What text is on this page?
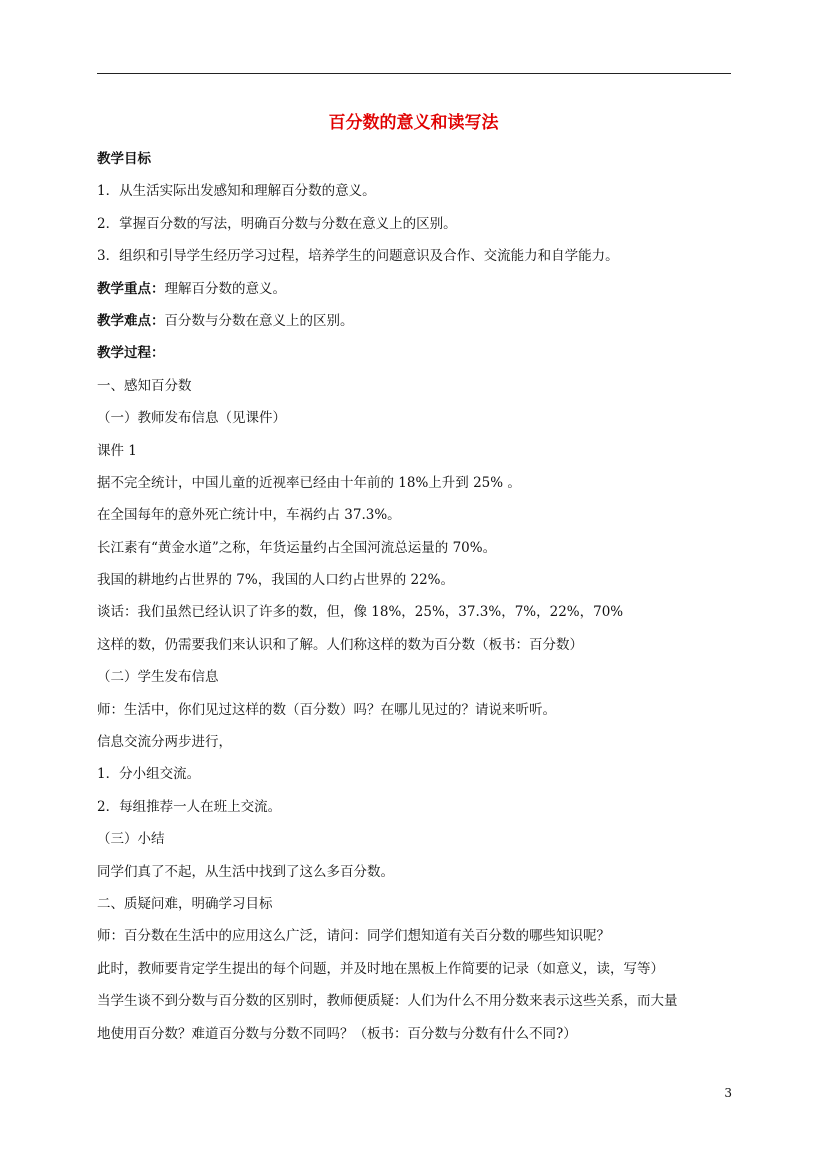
百分数的意义和读写法
教学目标
1．从生活实际出发感知和理解百分数的意义。
2．掌握百分数的写法，明确百分数与分数在意义上的区别。
3．组织和引导学生经历学习过程，培养学生的问题意识及合作、交流能力和自学能力。
教学重点：理解百分数的意义。
教学难点：百分数与分数在意义上的区别。
教学过程：
一、感知百分数
（一）教师发布信息（见课件）
课件 1
据不完全统计，中国儿童的近视率已经由十年前的 18%上升到 25% 。
在全国每年的意外死亡统计中，车祸约占 37.3%。
长江素有“黄金水道”之称，年货运量约占全国河流总运量的 70%。
我国的耕地约占世界的 7%，我国的人口约占世界的 22%。
谈话：我们虽然已经认识了许多的数，但，像 18%，25%，37.3%，7%，22%，70%
这样的数，仍需要我们来认识和了解。人们称这样的数为百分数（板书：百分数）
（二）学生发布信息
师：生活中，你们见过这样的数（百分数）吗？在哪儿见过的？请说来听听。
信息交流分两步进行，
1．分小组交流。
2．每组推荐一人在班上交流。
（三）小结
同学们真了不起，从生活中找到了这么多百分数。
二、质疑问难，明确学习目标
师：百分数在生活中的应用这么广泛，请问：同学们想知道有关百分数的哪些知识呢？
此时，教师要肯定学生提出的每个问题，并及时地在黑板上作简要的记录（如意义，读，写等）
当学生谈不到分数与百分数的区别时，教师便质疑：人们为什么不用分数来表示这些关系，而大量
地使用百分数？难道百分数与分数不同吗？（板书：百分数与分数有什么不同?）
3
